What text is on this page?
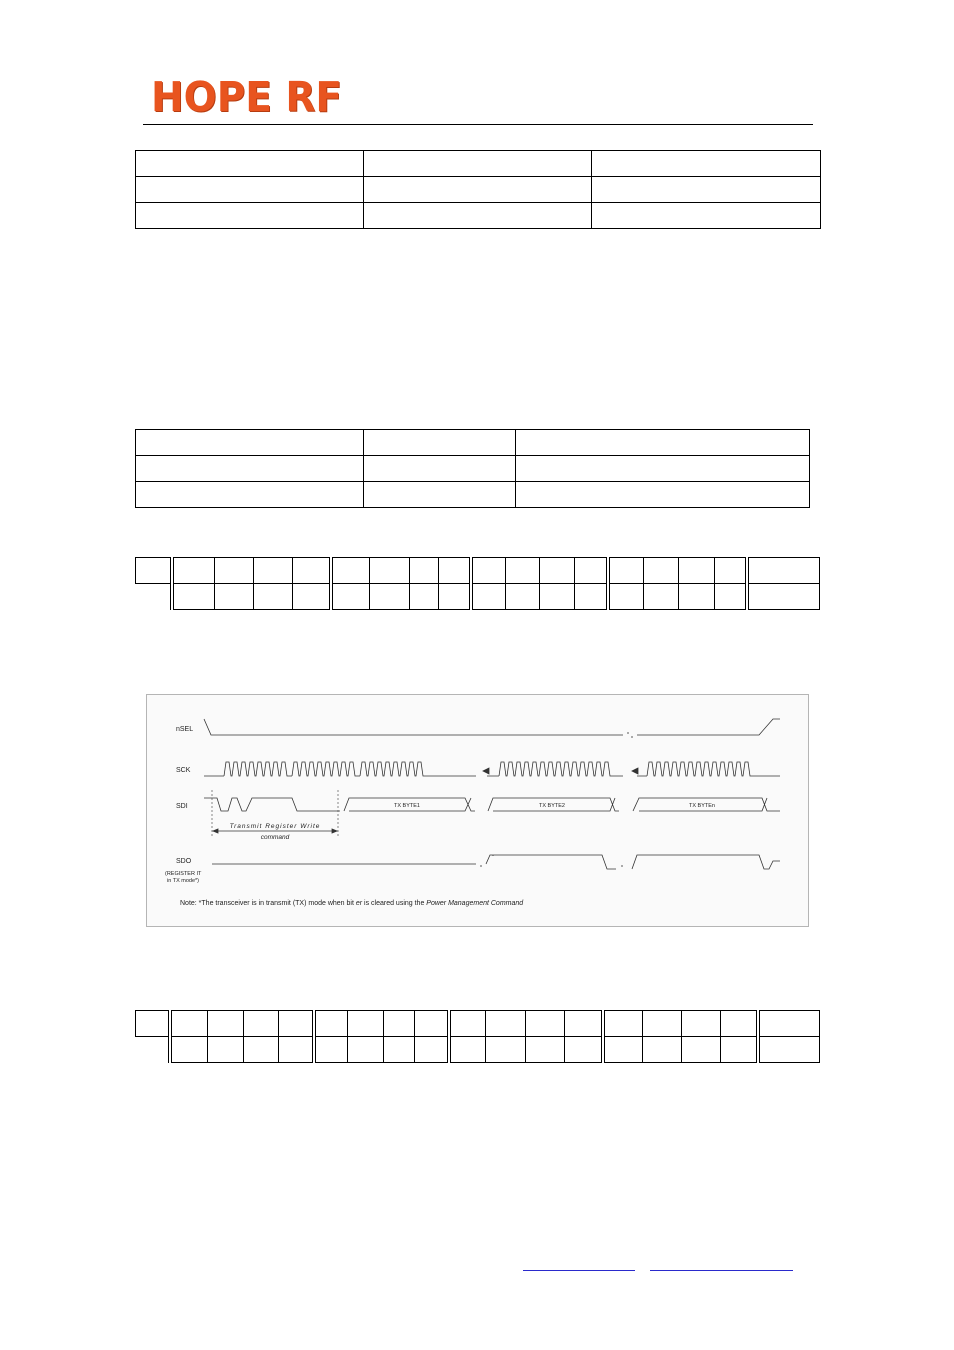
HOPE RF

nSEL
SCK
SDI
SDO
(REGISTER IT
in TX mode*)
TX BYTE1	TX BYTE2	TX BYTEn
Transmit Register Write
command
Note: *The transceiver is in transmit (TX) mode when bit er is cleared using the Power Management Command
